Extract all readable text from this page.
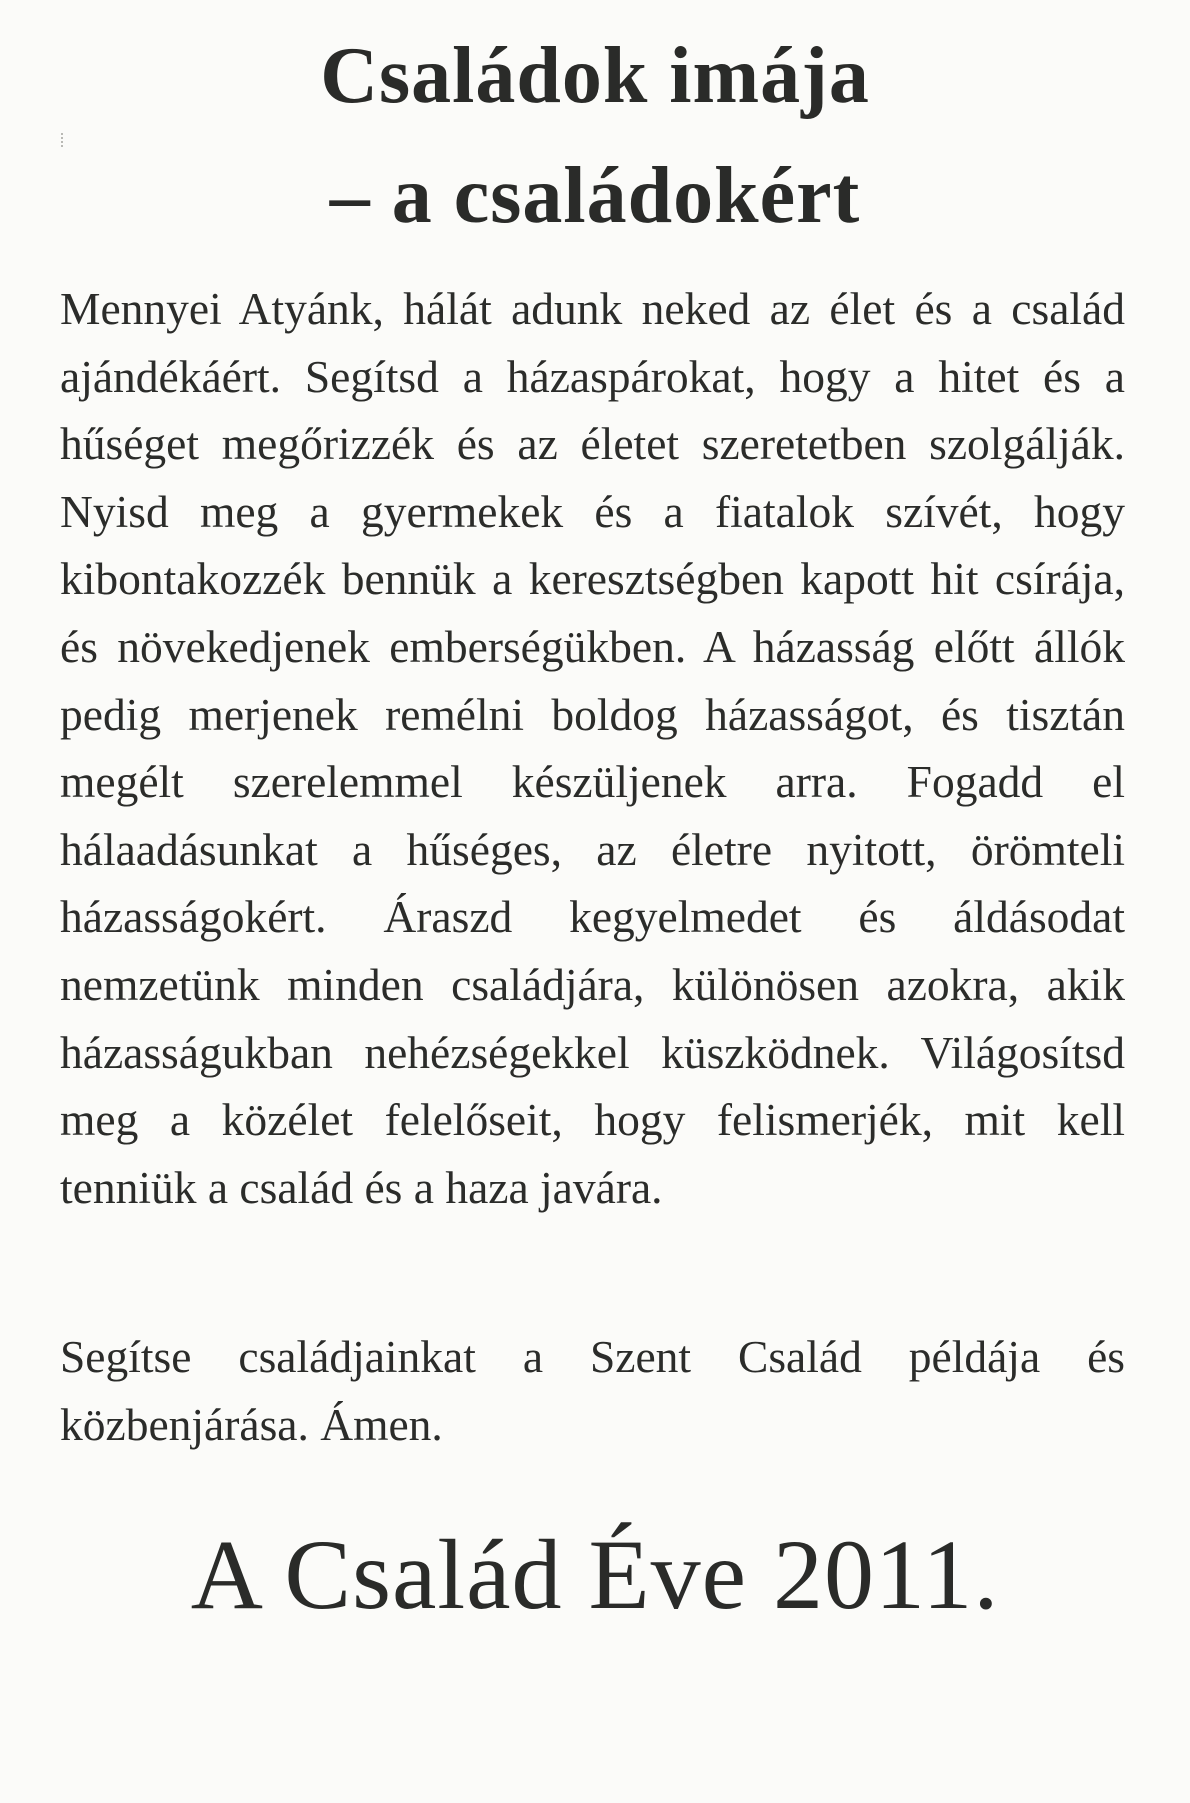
Családok imája
– a családokért

Mennyei Atyánk, hálát adunk neked az élet és a család ajándékáért. Segítsd a házaspárokat, hogy a hitet és a hűséget megőrizzék és az életet szeretetben szolgálják. Nyisd meg a gyermekek és a fiatalok szívét, hogy kibontakozzék bennük a keresztségben kapott hit csírája, és növekedjenek emberségükben. A házasság előtt állók pedig merjenek remélni boldog házasságot, és tisztán megélt szerelemmel készüljenek arra. Fogadd el hálaadásunkat a hűséges, az életre nyitott, örömteli házasságokért. Áraszd kegyelmedet és áldásodat nemzetünk minden családjára, különösen azokra, akik házasságukban nehézségekkel küszködnek. Világosítsd meg a közélet felelőseit, hogy felismerjék, mit kell tenniük a család és a haza javára.

Segítse családjainkat a Szent Család példája és közbenjárása. Ámen.

A Család Éve 2011.
